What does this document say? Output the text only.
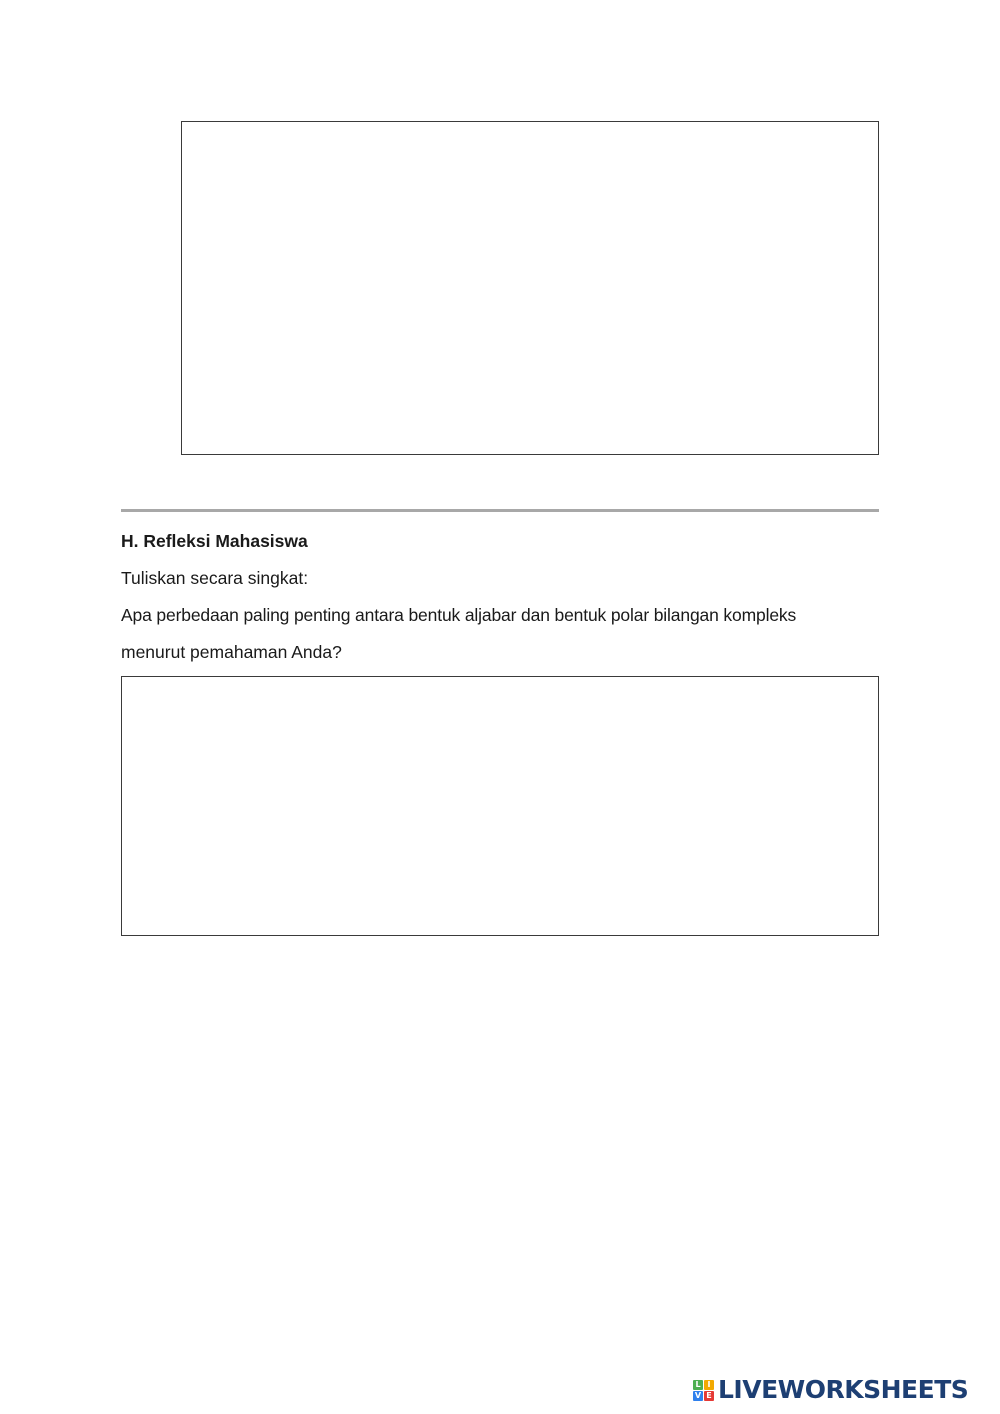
H. Refleksi Mahasiswa
Tuliskan secara singkat:
Apa perbedaan paling penting antara bentuk aljabar dan bentuk polar bilangan kompleks
menurut pemahaman Anda?
L I
V E LIVEWORKSHEETS
